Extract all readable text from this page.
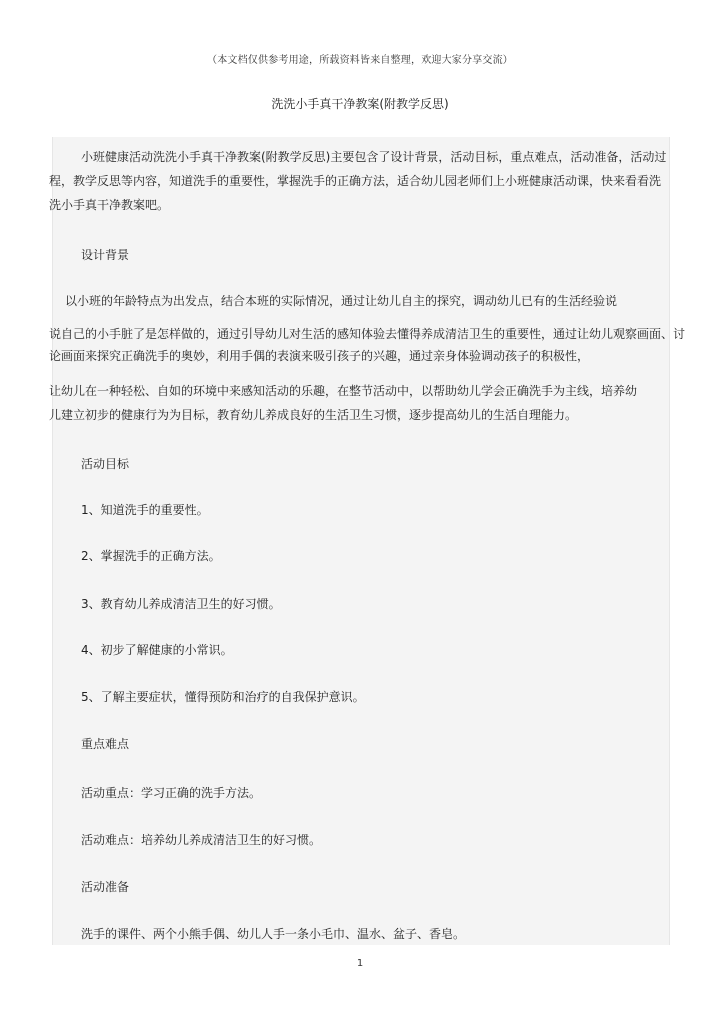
（本文档仅供参考用途，所载资料皆来自整理，欢迎大家分享交流）
洗洗小手真干净教案(附教学反思)
小班健康活动洗洗小手真干净教案(附教学反思)主要包含了设计背景，活动目标，重点难点，活动准备，活动过
程，教学反思等内容，知道洗手的重要性，掌握洗手的正确方法，适合幼儿园老师们上小班健康活动课，快来看看洗
洗小手真干净教案吧。
设计背景
以小班的年龄特点为出发点，结合本班的实际情况，通过让幼儿自主的探究，调动幼儿已有的生活经验说
说自己的小手脏了是怎样做的，通过引导幼儿对生活的感知体验去懂得养成清洁卫生的重要性，通过让幼儿观察画面、讨
论画面来探究正确洗手的奥妙，利用手偶的表演来吸引孩子的兴趣，通过亲身体验调动孩子的积极性，
让幼儿在一种轻松、自如的环境中来感知活动的乐趣，在整节活动中，以帮助幼儿学会正确洗手为主线，培养幼
儿建立初步的健康行为为目标，教育幼儿养成良好的生活卫生习惯，逐步提高幼儿的生活自理能力。
活动目标
1、知道洗手的重要性。
2、掌握洗手的正确方法。
3、教育幼儿养成清洁卫生的好习惯。
4、初步了解健康的小常识。
5、了解主要症状，懂得预防和治疗的自我保护意识。
重点难点
活动重点：学习正确的洗手方法。
活动难点：培养幼儿养成清洁卫生的好习惯。
活动准备
洗手的课件、两个小熊手偶、幼儿人手一条小毛巾、温水、盆子、香皂。
1
